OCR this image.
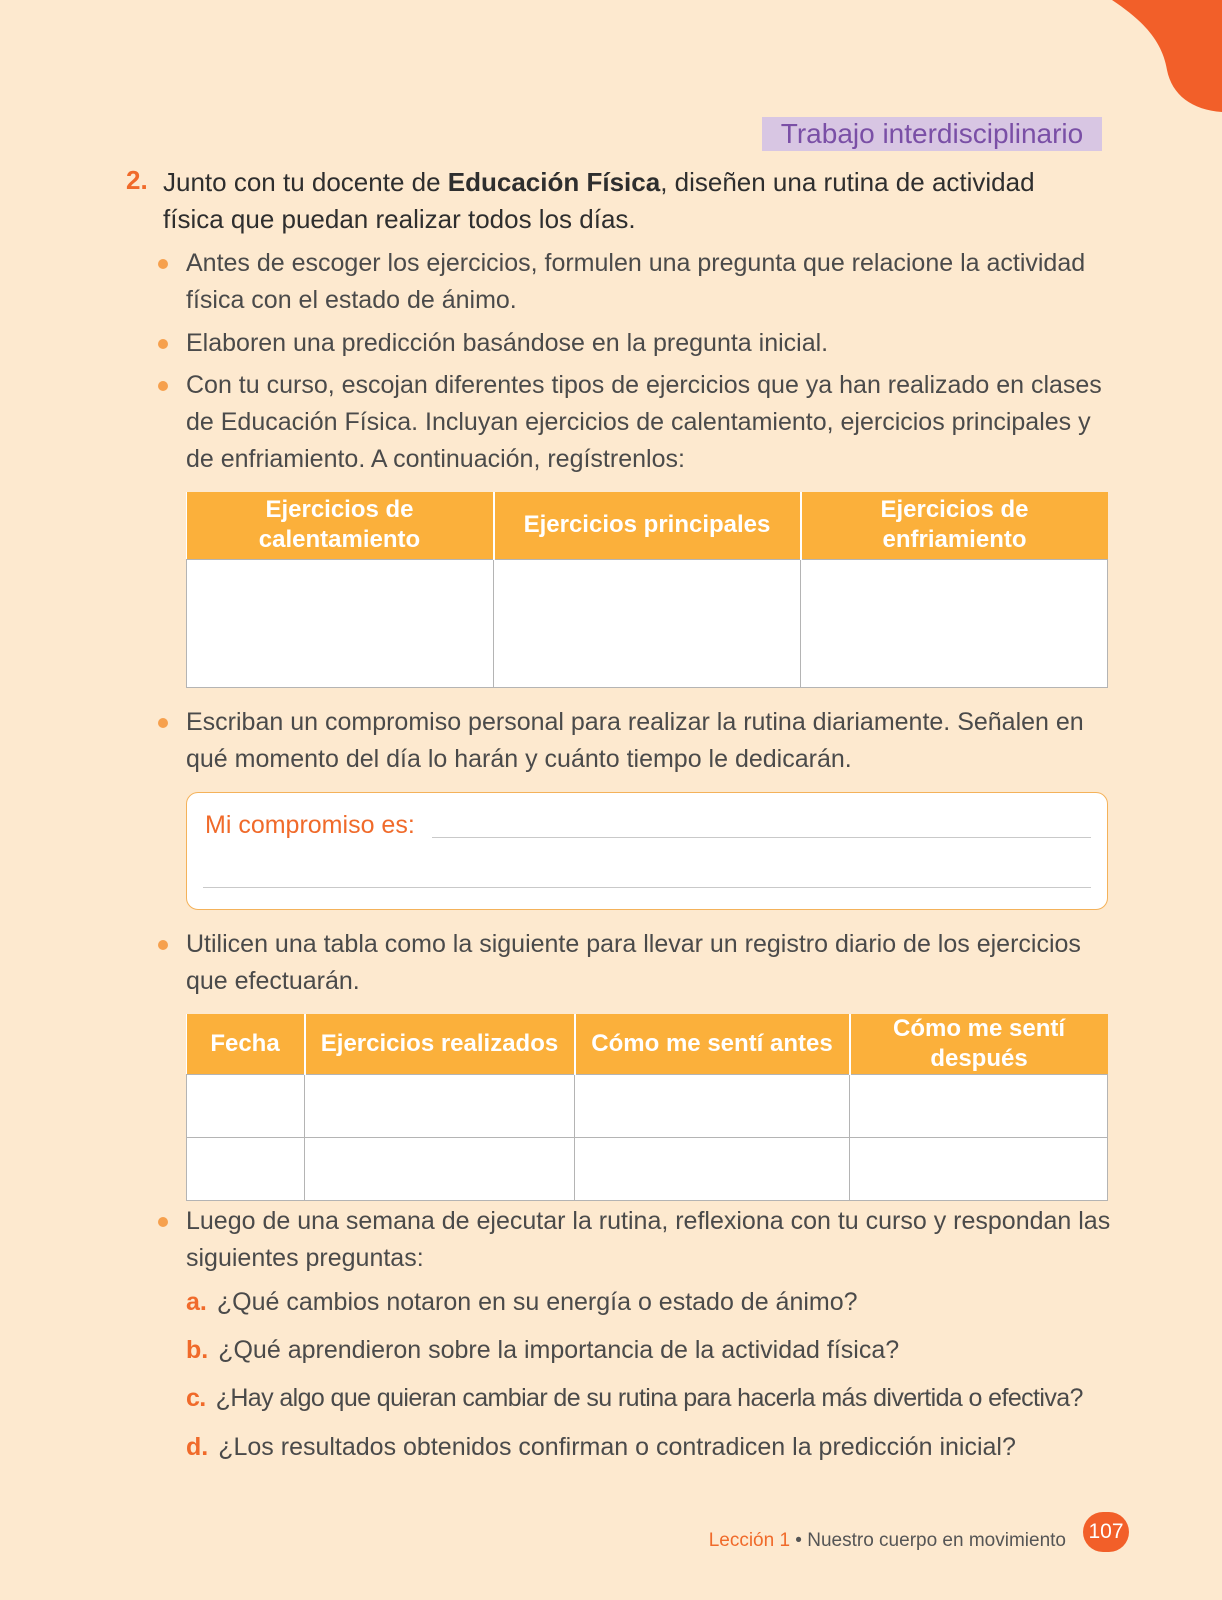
Trabajo interdisciplinario
2. Junto con tu docente de Educación Física, diseñen una rutina de actividad física que puedan realizar todos los días.
Antes de escoger los ejercicios, formulen una pregunta que relacione la actividad física con el estado de ánimo.
Elaboren una predicción basándose en la pregunta inicial.
Con tu curso, escojan diferentes tipos de ejercicios que ya han realizado en clases de Educación Física. Incluyan ejercicios de calentamiento, ejercicios principales y de enfriamiento. A continuación, regístrenlos:
Ejercicios de calentamiento	Ejercicios principales	Ejercicios de enfriamiento

Escriban un compromiso personal para realizar la rutina diariamente. Señalen en qué momento del día lo harán y cuánto tiempo le dedicarán.
Mi compromiso es:
Utilicen una tabla como la siguiente para llevar un registro diario de los ejercicios que efectuarán.
Fecha	Ejercicios realizados	Cómo me sentí antes	Cómo me sentí después

Luego de una semana de ejecutar la rutina, reflexiona con tu curso y respondan las siguientes preguntas:
a. ¿Qué cambios notaron en su energía o estado de ánimo?
b. ¿Qué aprendieron sobre la importancia de la actividad física?
c. ¿Hay algo que quieran cambiar de su rutina para hacerla más divertida o efectiva?
d. ¿Los resultados obtenidos confirman o contradicen la predicción inicial?
Lección 1 • Nuestro cuerpo en movimiento 107
